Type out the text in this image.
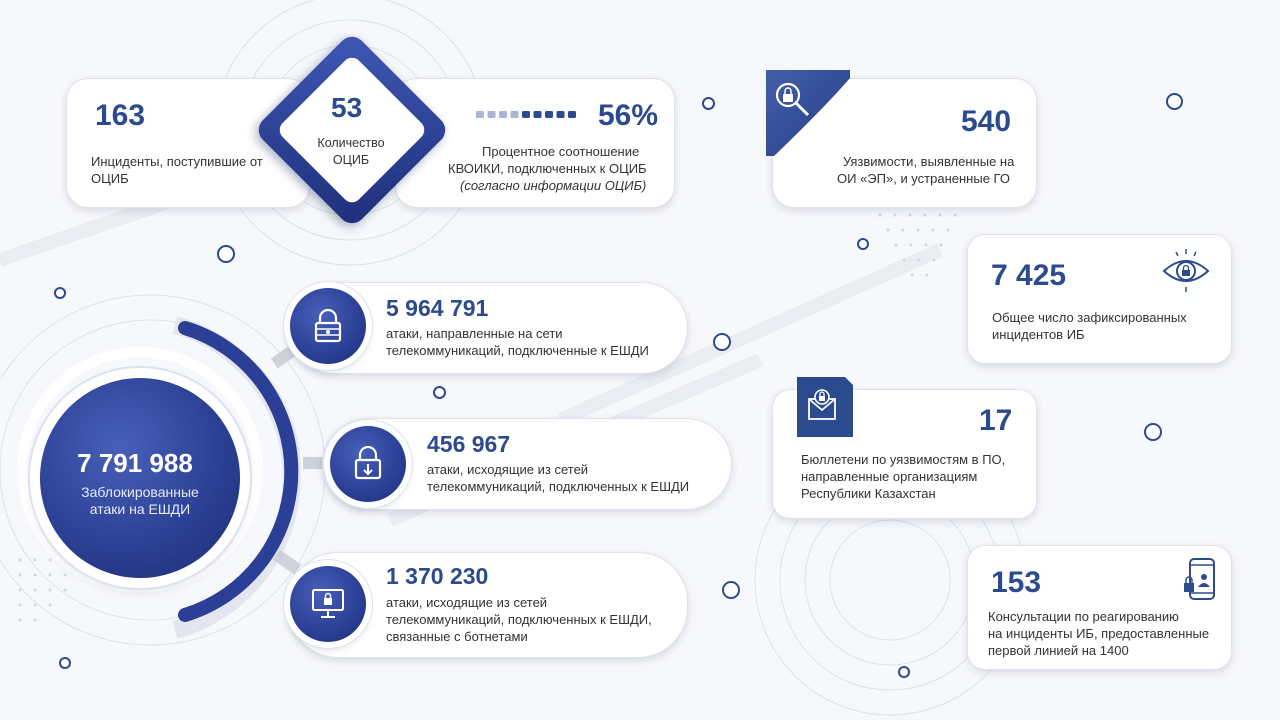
163
Инциденты, поступившие от ОЦИБ
56%
Процентное соотношение
КВОИКИ, подключенных к ОЦИБ
(согласно информации ОЦИБ)
53
Количество ОЦИБ
540
Уязвимости, выявленные на
ОИ «ЭП», и устраненные ГО
7 425
Общее число зафиксированных
инцидентов ИБ
17
Бюллетени по уязвимостям в ПО,
направленные организациям
Республики Казахстан
153
Консультации по реагированию
на инциденты ИБ, предоставленные
первой линией на 1400
7 791 988
Заблокированные
атаки на ЕШДИ
5 964 791
атаки, направленные на сети
телекоммуникаций, подключенные к ЕШДИ
456 967
атаки, исходящие из сетей
телекоммуникаций, подключенных к ЕШДИ
1 370 230
атаки, исходящие из сетей
телекоммуникаций, подключенных к ЕШДИ,
связанные с ботнетами
